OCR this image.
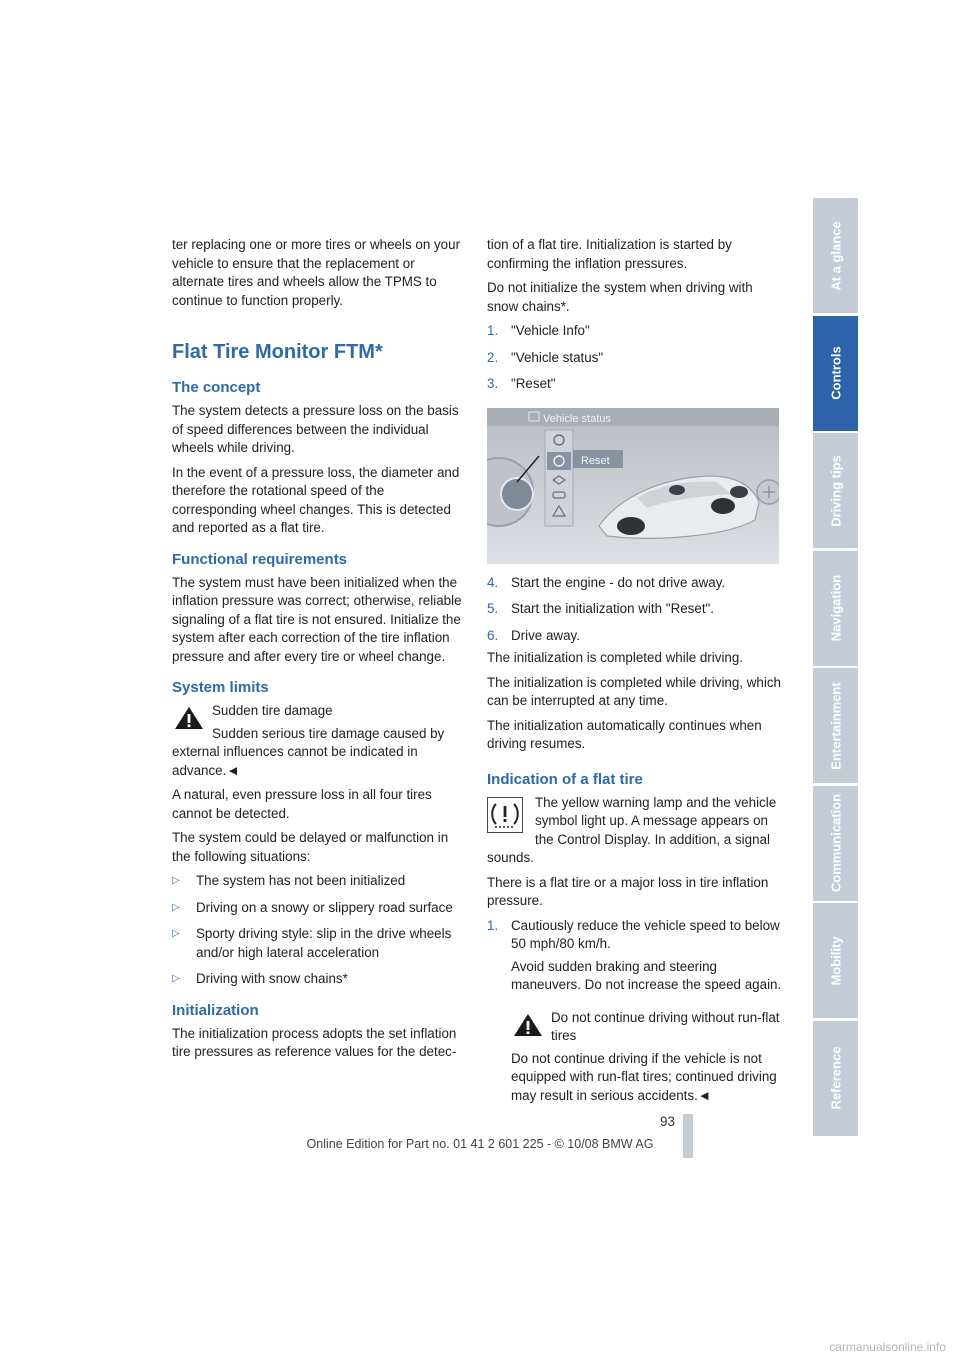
ter replacing one or more tires or wheels on your vehicle to ensure that the replacement or alternate tires and wheels allow the TPMS to continue to function properly.

Flat Tire Monitor FTM*
The concept

The system detects a pressure loss on the basis of speed differences between the individual wheels while driving.

In the event of a pressure loss, the diameter and therefore the rotational speed of the corresponding wheel changes. This is detected and reported as a flat tire.

Functional requirements

The system must have been initialized when the inflation pressure was correct; otherwise, reliable signaling of a flat tire is not ensured. Initialize the system after each correction of the tire inflation pressure and after every tire or wheel change.

System limits

Sudden tire damage

Sudden serious tire damage caused by external influences cannot be indicated in advance.◄

A natural, even pressure loss in all four tires cannot be detected.

The system could be delayed or malfunction in the following situations:

▷	The system has not been initialized
▷	Driving on a snowy or slippery road surface
▷	Sporty driving style: slip in the drive wheels and/or high lateral acceleration
▷	Driving with snow chains*
Initialization

The initialization process adopts the set inflation tire pressures as reference values for the detec-

tion of a flat tire. Initialization is started by confirming the inflation pressures.

Do not initialize the system when driving with snow chains*.

1. "Vehicle Info"
2. "Vehicle status"
3. "Reset"
Vehicle status
Reset
4. Start the engine - do not drive away.
5. Start the initialization with "Reset".
6. Drive away.

The initialization is completed while driving.

The initialization is completed while driving, which can be interrupted at any time.

The initialization automatically continues when driving resumes.

Indication of a flat tire

The yellow warning lamp and the vehicle symbol light up. A message appears on the Control Display. In addition, a signal sounds.

There is a flat tire or a major loss in tire inflation pressure.

1. Cautiously reduce the vehicle speed to below 50 mph/80 km/h.

Avoid sudden braking and steering maneuvers. Do not increase the speed again.

Do not continue driving without run-flat tires

Do not continue driving if the vehicle is not equipped with run-flat tires; continued driving may result in serious accidents.◄

At a glance
Controls
Driving tips
Navigation
Entertainment
Communication
Mobility
Reference
93
Online Edition for Part no. 01 41 2 601 225 - © 10/08 BMW AG
carmanualsonline.info
